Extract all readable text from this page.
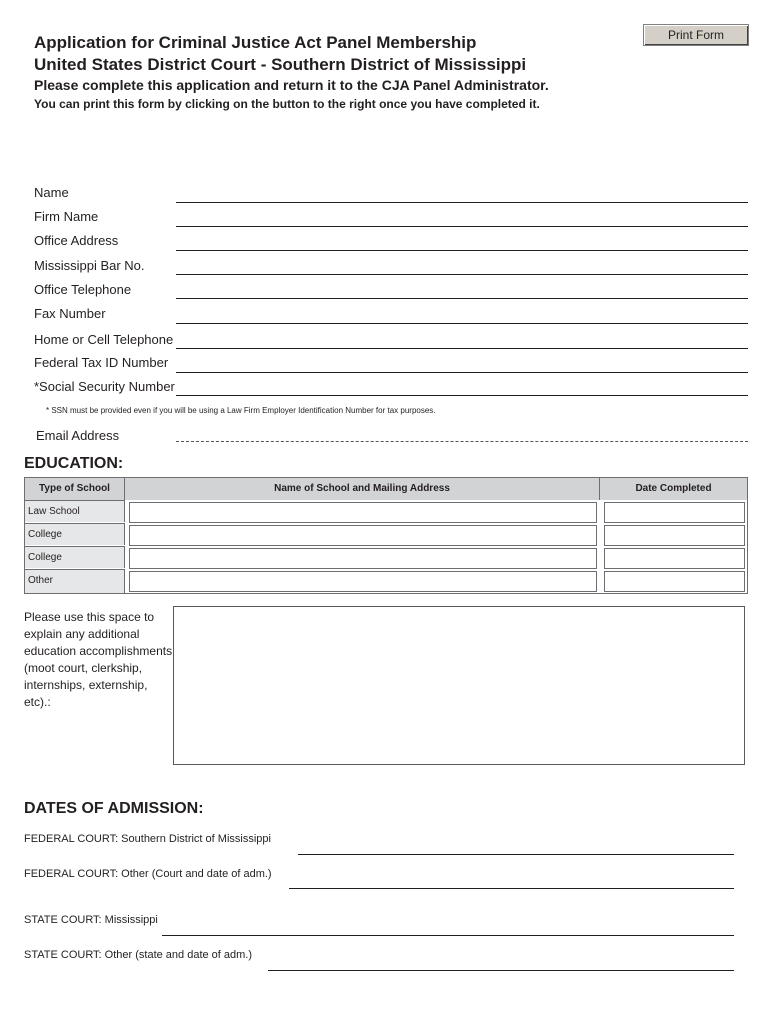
Print Form
Application for Criminal Justice Act Panel Membership
United States District Court - Southern District of Mississippi
Please complete this application and return it to the CJA Panel Administrator.
You can print this form by clicking on the button to the right once you have completed it.
Name
Firm Name
Office Address
Mississippi Bar No.
Office Telephone
Fax Number
Home or Cell Telephone
Federal Tax ID Number
*Social Security Number
* SSN must be provided even if you will be using a Law Firm Employer Identification Number for tax purposes.
Email Address
EDUCATION:
Type of School	Name of School and Mailing Address	Date Completed
Law School
College
College
Other
Please use this space to explain any additional education accomplishments (moot court, clerkship, internships, externship, etc).:
DATES OF ADMISSION:
FEDERAL COURT: Southern District of Mississippi
FEDERAL COURT: Other (Court and date of adm.)
STATE COURT: Mississippi
STATE COURT: Other (state and date of adm.)
